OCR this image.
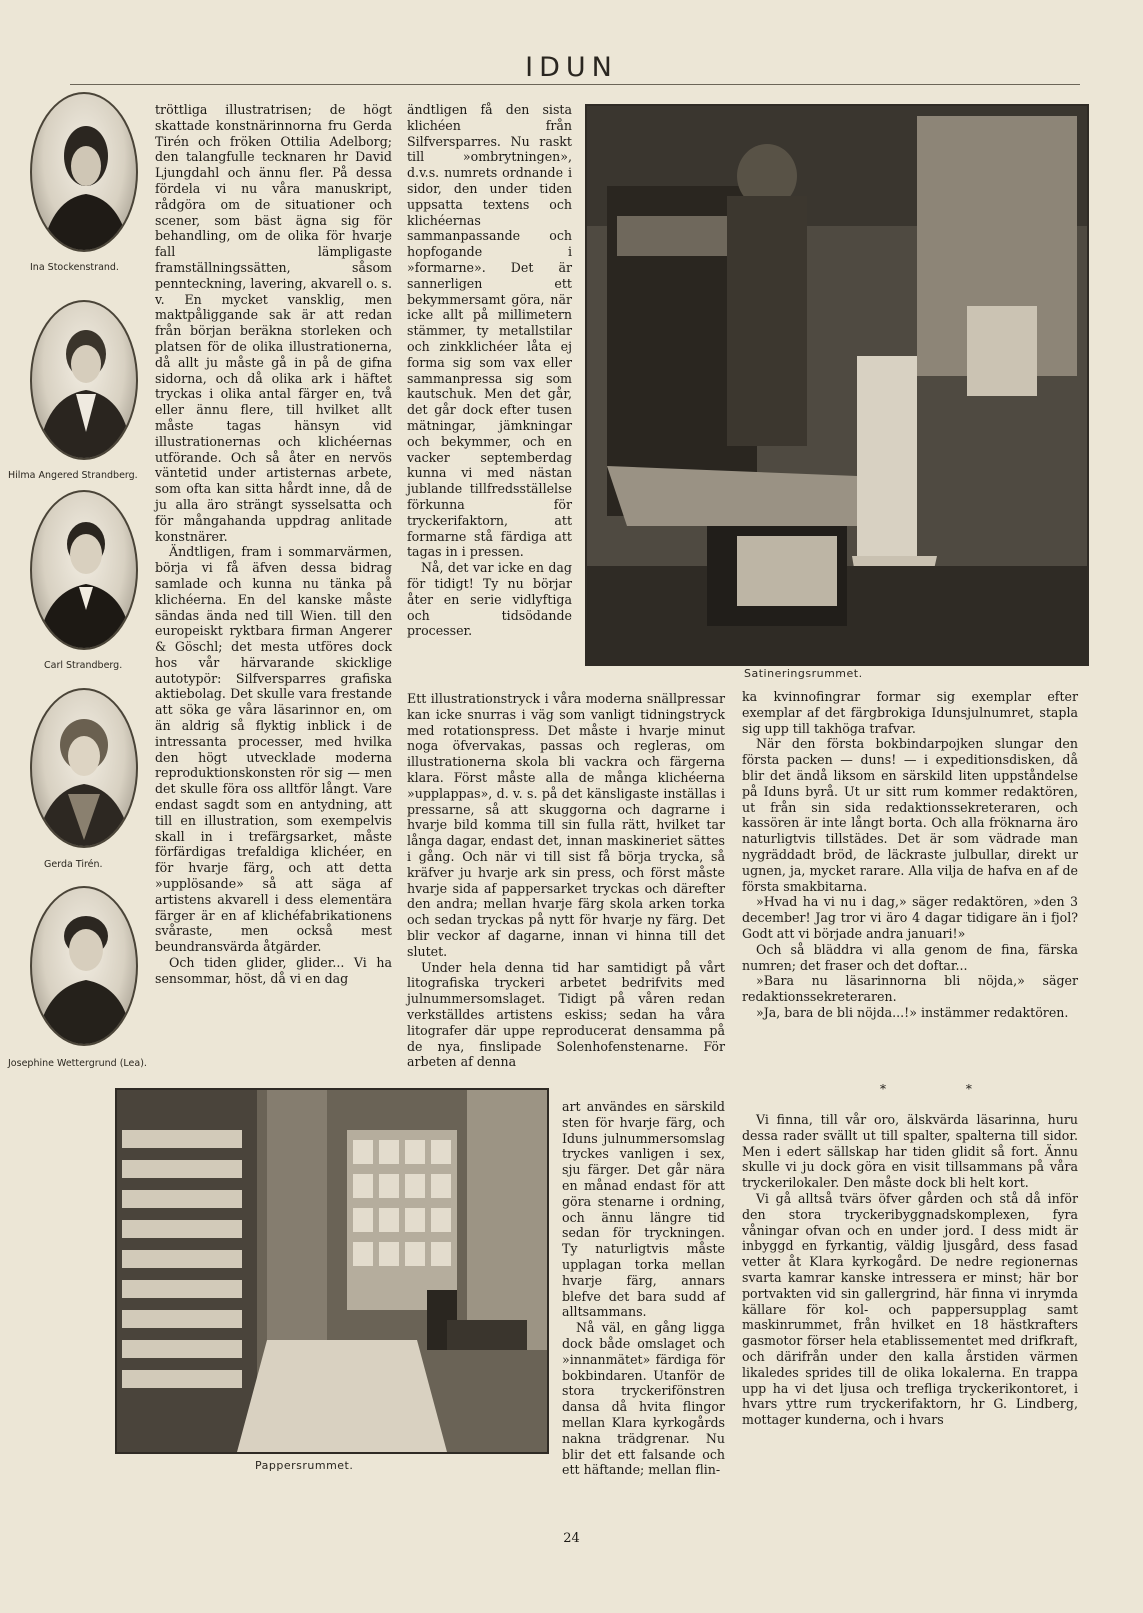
IDUN
Ina Stockenstrand.
Hilma Angered Strandberg.
Carl Strandberg.
Gerda Tirén.
Josephine Wettergrund (Lea).

tröttliga illustratrisen; de högt skattade konstnärinnorna fru Gerda Tirén och fröken Ottilia Adelborg; den talangfulle tecknaren hr David Ljungdahl och ännu fler. På dessa fördela vi nu våra manuskript, rådgöra om de situationer och scener, som bäst ägna sig för behandling, om de olika för hvarje fall lämpligaste framställningssätten, såsom pennteckning, lavering, akvarell o. s. v. En mycket vansklig, men maktpåliggande sak är att redan från början beräkna storleken och platsen för de olika illustrationerna, då allt ju måste gå in på de gifna sidorna, och då olika ark i häftet tryckas i olika antal färger en, två eller ännu flere, till hvilket allt måste tagas hänsyn vid illustrationernas och klichéernas utförande. Och så åter en nervös väntetid under artisternas arbete, som ofta kan sitta hårdt inne, då de ju alla äro strängt sysselsatta och för mångahanda uppdrag anlitade konstnärer.

Ändtligen, fram i sommarvärmen, börja vi få äfven dessa bidrag samlade och kunna nu tänka på klichéerna. En del kanske måste sändas ända ned till Wien. till den europeiskt ryktbara firman Angerer & Göschl; det mesta utföres dock hos vår härvarande skicklige autotypör: Silfversparres grafiska aktiebolag. Det skulle vara frestande att söka ge våra läsarinnor en, om än aldrig så flyktig inblick i de intressanta processer, med hvilka den högt utvecklade moderna reproduktionskonsten rör sig — men det skulle föra oss alltför långt. Vare endast sagdt som en antydning, att till en illustration, som exempelvis skall in i trefärgsarket, måste förfärdigas trefaldiga klichéer, en för hvarje färg, och att detta »upplösande» så att säga af artistens akvarell i dess elementära färger är en af klichéfabrikationens svåraste, men också mest beundransvärda åtgärder.

Och tiden glider, glider... Vi ha sensommar, höst, då vi en dag

ändtligen få den sista klichéen från Silfversparres. Nu raskt till »ombrytningen», d.v.s. numrets ordnande i sidor, den under tiden uppsatta textens och klichéernas sammanpassande och hopfogande i »formarne». Det är sannerligen ett bekymmersamt göra, när icke allt på millimetern stämmer, ty metallstilar och zinkklichéer låta ej forma sig som vax eller sammanpressa sig som kautschuk. Men det går, det går dock efter tusen mätningar, jämkningar och bekymmer, och en vacker septemberdag kunna vi med nästan jublande tillfredsställelse förkunna för tryckerifaktorn, att formarne stå färdiga att tagas in i pressen.

Nå, det var icke en dag för tidigt! Ty nu börjar åter en serie vidlyftiga och tidsödande processer.

Satineringsrummet.

Ett illustrationstryck i våra moderna snällpressar kan icke snurras i väg som vanligt tidningstryck med rotationspress. Det måste i hvarje minut noga öfvervakas, passas och regleras, om illustrationerna skola bli vackra och färgerna klara. Först måste alla de många klichéerna »upplappas», d. v. s. på det känsligaste inställas i pressarne, så att skuggorna och dagrarne i hvarje bild komma till sin fulla rätt, hvilket tar långa dagar, endast det, innan maskineriet sättes i gång. Och när vi till sist få börja trycka, så kräfver ju hvarje ark sin press, och först måste hvarje sida af pappersarket tryckas och därefter den andra; mellan hvarje färg skola arken torka och sedan tryckas på nytt för hvarje ny färg. Det blir veckor af dagarne, innan vi hinna till det slutet.

Under hela denna tid har samtidigt på vårt litografiska tryckeri arbetet bedrifvits med julnummersomslaget. Tidigt på våren redan verkställdes artistens eskiss; sedan ha våra litografer där uppe reproducerat densamma på de nya, finslipade Solenhofenstenarne. För arbeten af denna

art användes en särskild sten för hvarje färg, och Iduns julnummersomslag tryckes vanligen i sex, sju färger. Det går nära en månad endast för att göra stenarne i ordning, och ännu längre tid sedan för tryckningen. Ty naturligtvis måste upplagan torka mellan hvarje färg, annars blefve det bara sudd af alltsammans.

Nå väl, en gång ligga dock både omslaget och »innanmätet» färdiga för bokbindaren. Utanför de stora tryckerifönstren dansa då hvita flingor mellan Klara kyrkogårds nakna trädgrenar. Nu blir det ett falsande och ett häftande; mellan flin-

Pappersrummet.

ka kvinnofingrar formar sig exemplar efter exemplar af det färgbrokiga Idunsjulnumret, stapla sig upp till takhöga trafvar.

När den första bokbindarpojken slungar den första packen — duns! — i expeditionsdisken, då blir det ändå liksom en särskild liten uppståndelse på Iduns byrå. Ut ur sitt rum kommer redaktören, ut från sin sida redaktionssekreteraren, och kassören är inte långt borta. Och alla fröknarna äro naturligtvis tillstädes. Det är som vädrade man nygräddadt bröd, de läckraste julbullar, direkt ur ugnen, ja, mycket rarare. Alla vilja de hafva en af de första smakbitarna.

»Hvad ha vi nu i dag,» säger redaktören, »den 3 december! Jag tror vi äro 4 dagar tidigare än i fjol? Godt att vi började andra januari!»

Och så bläddra vi alla genom de fina, färska numren; det fraser och det doftar...

»Bara nu läsarinnorna bli nöjda,» säger redaktionssekreteraren.

»Ja, bara de bli nöjda...!» instämmer redaktören.

* *

Vi finna, till vår oro, älskvärda läsarinna, huru dessa rader svällt ut till spalter, spalterna till sidor. Men i edert sällskap har tiden glidit så fort. Ännu skulle vi ju dock göra en visit tillsammans på våra tryckerilokaler. Den måste dock bli helt kort.

Vi gå alltså tvärs öfver gården och stå då inför den stora tryckeribyggnadskomplexen, fyra våningar ofvan och en under jord. I dess midt är inbyggd en fyrkantig, väldig ljusgård, dess fasad vetter åt Klara kyrkogård. De nedre regionernas svarta kamrar kanske intressera er minst; här bor portvakten vid sin gallergrind, här finna vi inrymda källare för kol- och pappersupplag samt maskinrummet, från hvilket en 18 hästkrafters gasmotor förser hela etablissementet med drifkraft, och därifrån under den kalla årstiden värmen likaledes sprides till de olika lokalerna. En trappa upp ha vi det ljusa och trefliga tryckerikontoret, i hvars yttre rum tryckerifaktorn, hr G. Lindberg, mottager kunderna, och i hvars

24
